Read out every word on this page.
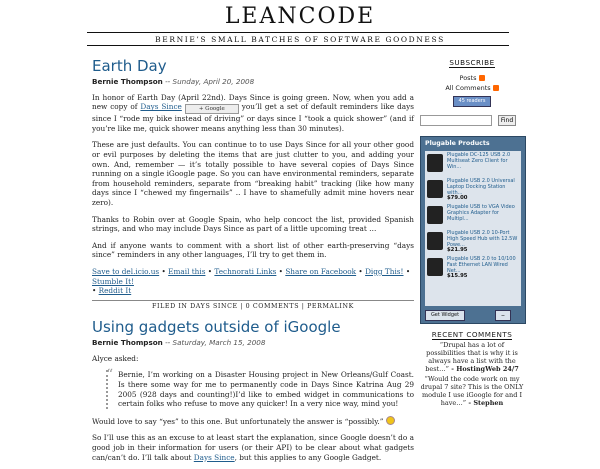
LEANCODE
BERNIE’S SMALL BATCHES OF SOFTWARE GOODNESS
Earth Day
Bernie Thompson -- Sunday, April 20, 2008

In honor of Earth Day (April 22nd). Days Since is going green. Now, when you add a new copy of Days Since	+ Google you’ll get a set of default reminders like days since I “rode my bike instead of driving” or days since I “took a quick shower” (and if you’re like me, quick shower means anything less than 30 minutes).

These are just defaults. You can continue to to use Days Since for all your other good or evil purposes by deleting the items that are just clutter to you, and adding your own. And, remember — it’s totally possible to have several copies of Days Since running on a single iGoogle page. So you can have environmental reminders, separate from household reminders, separate from “breaking habit” tracking (like how many days since I “chewed my fingernails” .. I have to shamefully admit mine hovers near zero).

Thanks to Robin over at Google Spain, who help concoct the list, provided Spanish strings, and who may include Days Since as part of a little upcoming treat …

And if anyone wants to comment with a short list of other earth-preserving “days since” reminders in any other languages, I’ll try to get them in.

Save to del.icio.us • Email this • Technorati Links • Share on Facebook • Digg This! • Stumble It!
• Reddit It
FILED IN DAYS SINCE | 0 COMMENTS | PERMALINK
Using gadgets outside of iGoogle
Bernie Thompson -- Saturday, March 15, 2008

Alyce asked:

“ Bernie, I’m working on a Disaster Housing project in New Orleans/Gulf Coast. Is there some way for me to permanently code in Days Since Katrina Aug 29 2005 (928 days and counting!)I’d like to embed widget in communications to certain folks who refuse to move any quicker! In a very nice way, mind you!

Would love to say “yes” to this one. But unfortunately the answer is “possibly.”

So I’ll use this as an excuse to at least start the explanation, since Google doesn’t do a good job in their information for users (or their API) to be clear about what gadgets can/can’t do. I’ll talk about Days Since, but this applies to any Google Gadget.

SUBSCRIBE
Posts
All Comments
45 readers
Find
Plugable Products
Plugable DC-125 USB 2.0 Multiseat Zero Client for Win...
Plugable USB 2.0 Universal Laptop Docking Station with...
$79.00
Plugable USB to VGA Video Graphics Adapter for Multipl...
Plugable USB 2.0 10-Port High Speed Hub with 12.5W Powe...
$21.95
Plugable USB 2.0 to 10/100 Fast Ethernet LAN Wired Net...
$15.95
Get Widget	⌣
RECENT COMMENTS
“Drupal has a lot of possibilities that is why it is always have a list with the best…” - HostingWeb 24/7
“Would the code work on my drupal 7 site? This is the ONLY module I use iGoogle for and I have…” - Stephen
